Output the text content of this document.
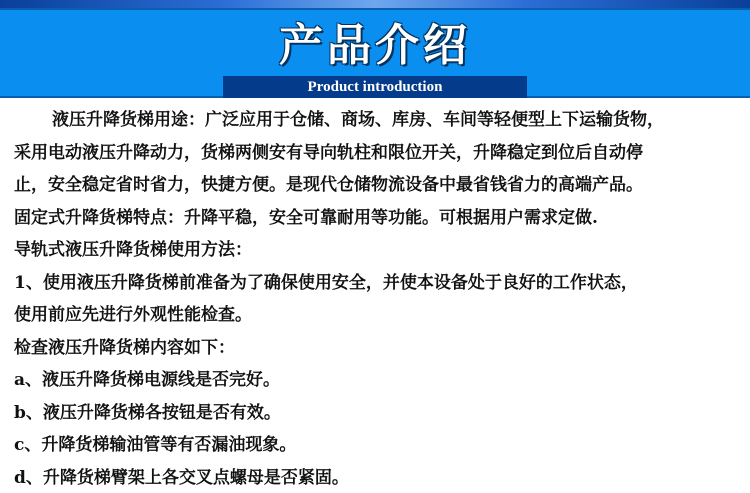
产品介绍
Product introduction
液压升降货梯用途：广泛应用于仓储、商场、库房、车间等轻便型上下运输货物，
采用电动液压升降动力，货梯两侧安有导向轨柱和限位开关，升降稳定到位后自动停
止，安全稳定省时省力，快捷方便。是现代仓储物流设备中最省钱省力的高端产品。
固定式升降货梯特点：升降平稳，安全可靠耐用等功能。可根据用户需求定做.
导轨式液压升降货梯使用方法：
1、使用液压升降货梯前准备为了确保使用安全，并使本设备处于良好的工作状态，
使用前应先进行外观性能检查。
检查液压升降货梯内容如下：
a、液压升降货梯电源线是否完好。
b、液压升降货梯各按钮是否有效。
c、升降货梯输油管等有否漏油现象。
d、升降货梯臂架上各交叉点螺母是否紧固。
